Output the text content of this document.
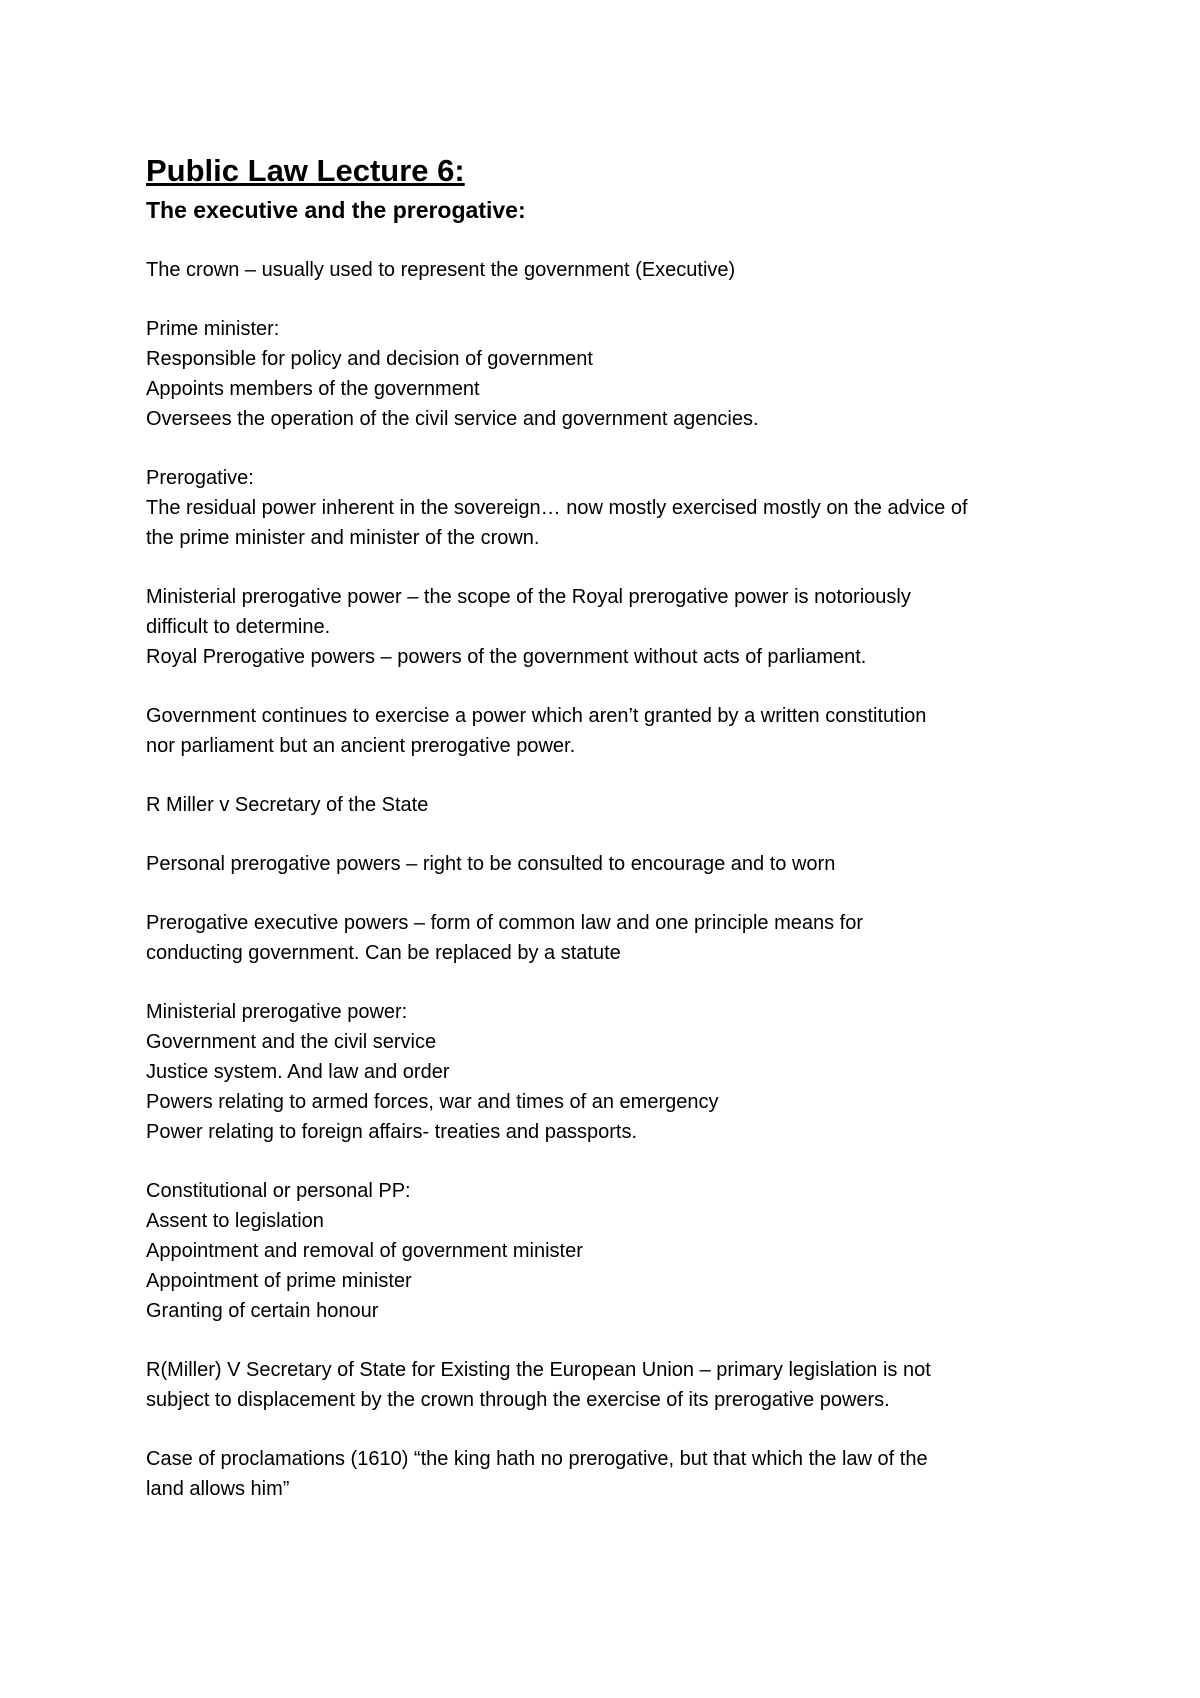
Public Law Lecture 6:

The executive and the prerogative:

The crown – usually used to represent the government (Executive)

Prime minister:

Responsible for policy and decision of government

Appoints members of the government

Oversees the operation of the civil service and government agencies.

Prerogative:

The residual power inherent in the sovereign… now mostly exercised mostly on the advice of

the prime minister and minister of the crown.

Ministerial prerogative power – the scope of the Royal prerogative power is notoriously

difficult to determine.

Royal Prerogative powers – powers of the government without acts of parliament.

Government continues to exercise a power which aren’t granted by a written constitution

nor parliament but an ancient prerogative power.

R Miller v Secretary of the State

Personal prerogative powers – right to be consulted to encourage and to worn

Prerogative executive powers – form of common law and one principle means for

conducting government. Can be replaced by a statute

Ministerial prerogative power:

Government and the civil service

Justice system. And law and order

Powers relating to armed forces, war and times of an emergency

Power relating to foreign affairs- treaties and passports.

Constitutional or personal PP:

Assent to legislation

Appointment and removal of government minister

Appointment of prime minister

Granting of certain honour

R(Miller) V Secretary of State for Existing the European Union – primary legislation is not

subject to displacement by the crown through the exercise of its prerogative powers.

Case of proclamations (1610) “the king hath no prerogative, but that which the law of the

land allows him”
